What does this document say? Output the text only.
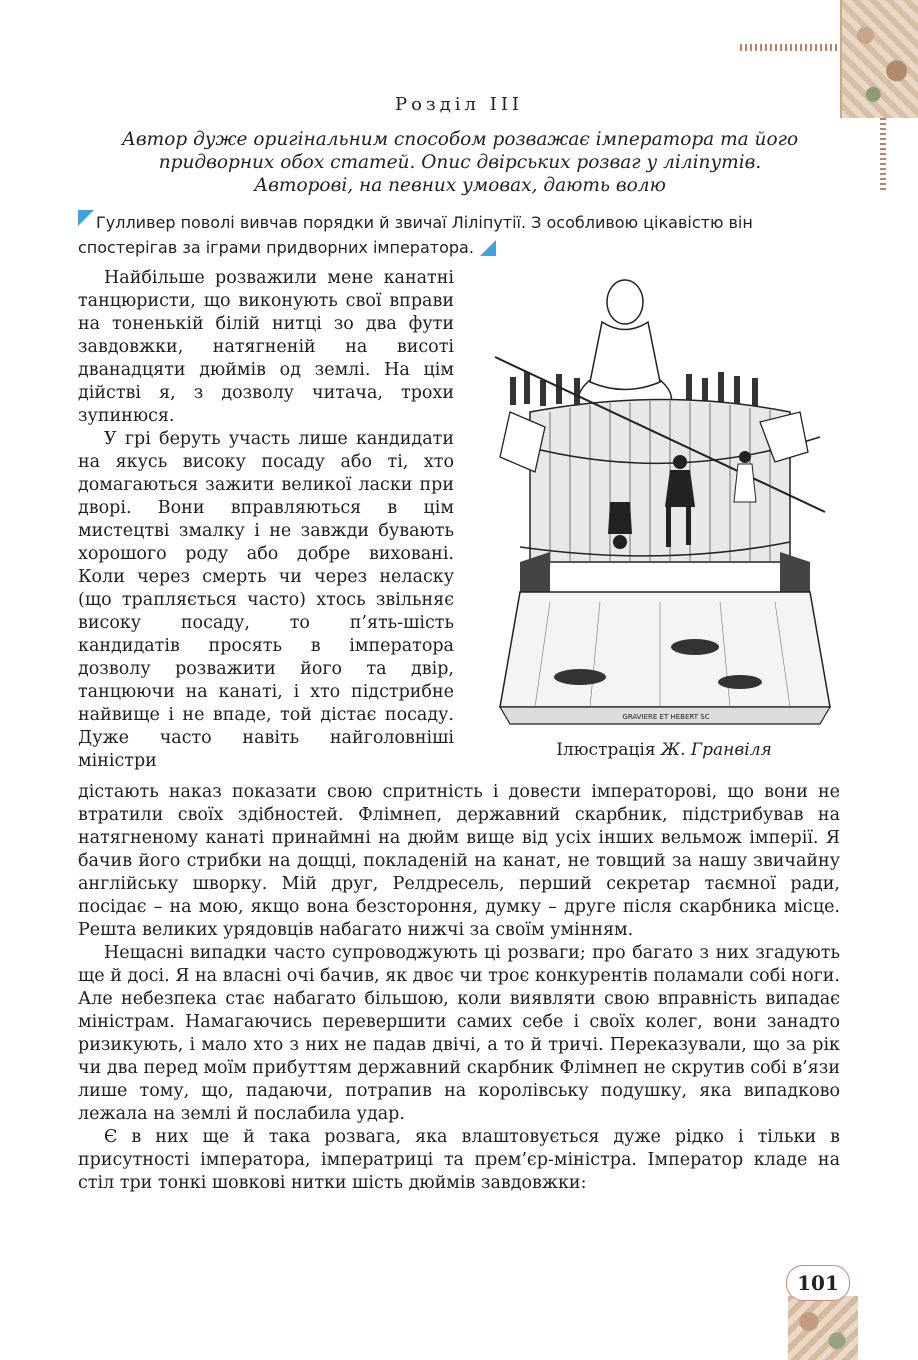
Розділ III
Автор дуже оригінальним способом розважає імператора та його
придворних обох статей. Опис двірських розваг у ліліпутів.
Авторові, на певних умовах, дають волю
Гулливер поволі вивчав порядки й звичаї Ліліпутії. З особливою цікавістю він спостерігав за іграми придворних імператора.

Найбільше розважили мене канатні танцюристи, що виконують свої вправи на тоненькій білій нитці зо два фути завдовжки, натягненій на висоті дванадцяти дюймів од землі. На цім дійстві я, з дозволу читача, трохи зупинюся.

У грі беруть участь лише кандидати на якусь високу посаду або ті, хто домагаються зажити великої ласки при дворі. Вони вправляються в цім мистецтві змалку і не завжди бувають хорошого роду або добре виховані. Коли через смерть чи через неласку (що трапляється часто) хтось звільняє високу посаду, то п’ять-шість кандидатів просять в імператора дозволу розважити його та двір, танцюючи на канаті, і хто підстрибне найвище і не впаде, той дістає посаду. Дуже часто навіть найголовніші міністри

GRAVIERE ET HEBERT SC
Ілюстрація Ж. Гранвіля

дістають наказ показати свою спритність і довести імператорові, що вони не втратили своїх здібностей. Флімнеп, державний скарбник, підстрибував на натягненому канаті принаймні на дюйм вище від усіх інших вельмож імперії. Я бачив його стрибки на дощці, покладеній на канат, не товщий за нашу звичайну англійську шворку. Мій друг, Релдресель, перший секретар таємної ради, посідає – на мою, якщо вона безстороння, думку – друге після скарбника місце. Решта великих урядовців набагато нижчі за своїм умінням.

Нещасні випадки часто супроводжують ці розваги; про багато з них згадують ще й досі. Я на власні очі бачив, як двоє чи троє конкурентів поламали собі ноги. Але небезпека стає набагато більшою, коли виявляти свою вправність випадає міністрам. Намагаючись перевершити самих себе і своїх колег, вони занадто ризикують, і мало хто з них не падав двічі, а то й тричі. Переказували, що за рік чи два перед моїм прибуттям державний скарбник Флімнеп не скрутив собі в’язи лише тому, що, падаючи, потрапив на королівську подушку, яка випадково лежала на землі й послабила удар.

Є в них ще й така розвага, яка влаштовується дуже рідко і тільки в присутності імператора, імператриці та прем’єр-міністра. Імператор кладе на стіл три тонкі шовкові нитки шість дюймів завдовжки:

101
